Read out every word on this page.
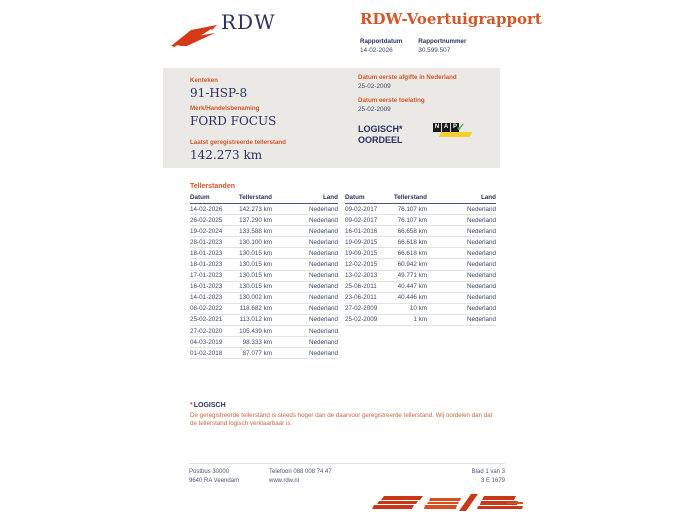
RDW	RDW-Voertuigrapport
Rapportdatum
14-02-2026
Rapportnummer
30.599.507
Kenteken
91-HSP-8
Merk/Handelsbenaming
FORD FOCUS
Laatst geregistreerde tellerstand
142.273 km
Datum eerste afgifte in Nederland
25-02-2009
Datum eerste toelating
25-02-2009
LOGISCH*
OORDEEL
N A P ✓
Tellerstanden
Datum	Tellerstand	Land
14-02-2026	142.273 km	Nederland
26-02-2025	137.290 km	Nederland
19-02-2024	133.588 km	Nederland
28-01-2023	130.100 km	Nederland
18-01-2023	130.015 km	Nederland
18-01-2023	130.015 km	Nederland
17-01-2023	130.015 km	Nederland
16-01-2023	130.015 km	Nederland
14-01-2023	130.002 km	Nederland
08-02-2022	118.682 km	Nederland
25-02-2021	113.012 km	Nederland
27-02-2020	105.439 km	Nederland
04-03-2019	98.333 km	Nederland
01-02-2018	87.077 km	Nederland
Datum	Tellerstand	Land
09-02-2017	76.107 km	Nederland
09-02-2017	76.107 km	Nederland
16-01-2016	66.658 km	Nederland
19-09-2015	66.618 km	Nederland
19-09-2015	66.618 km	Nederland
12-02-2015	60.942 km	Nederland
13-02-2013	49.771 km	Nederland
25-06-2011	40.447 km	Nederland
23-06-2011	40.446 km	Nederland
27-02-2009	10 km	Nederland
25-02-2009	1 km	Nederland
*LOGISCH
De geregistreerde tellerstand is steeds hoger dan de daarvoor geregistreerde tellerstand. Wij oordelen dan dat de tellerstand logisch verklaarbaar is.
Postbus 30000
9640 RA Veendam
Telefoon 088 008 74 47
www.rdw.nl
Blad 1 van 3
3 E 1679
